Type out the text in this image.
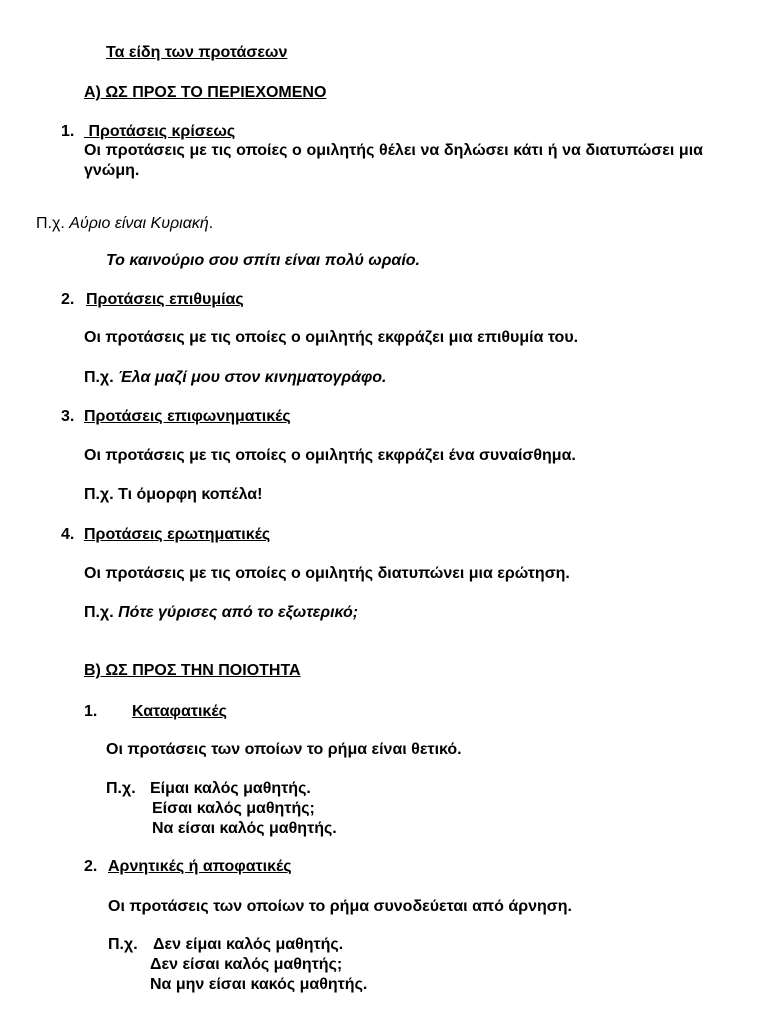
Τα είδη των προτάσεων
Α) ΩΣ ΠΡΟΣ ΤΟ ΠΕΡΙΕΧΟΜΕΝΟ
1. Προτάσεις κρίσεως
Οι προτάσεις με τις οποίες ο ομιλητής θέλει να δηλώσει κάτι ή να διατυπώσει μια γνώμη.
Π.χ. Αύριο είναι Κυριακή.
Το καινούριο σου σπίτι είναι πολύ ωραίο.
2. Προτάσεις επιθυμίας
Οι προτάσεις με τις οποίες ο ομιλητής εκφράζει μια επιθυμία του.
Π.χ. Έλα μαζί μου στον κινηματογράφο.
3. Προτάσεις επιφωνηματικές
Οι προτάσεις με τις οποίες ο ομιλητής εκφράζει ένα συναίσθημα.
Π.χ. Τι όμορφη κοπέλα!
4. Προτάσεις ερωτηματικές
Οι προτάσεις με τις οποίες ο ομιλητής διατυπώνει μια ερώτηση.
Π.χ. Πότε γύρισες από το εξωτερικό;
Β) ΩΣ ΠΡΟΣ ΤΗΝ ΠΟΙΟΤΗΤΑ
1. Καταφατικές
Οι προτάσεις των οποίων το ρήμα είναι θετικό.
Π.χ. Είμαι καλός μαθητής.
Είσαι καλός μαθητής;
Να είσαι καλός μαθητής.
2. Αρνητικές ή αποφατικές
Οι προτάσεις των οποίων το ρήμα συνοδεύεται από άρνηση.
Π.χ. Δεν είμαι καλός μαθητής.
Δεν είσαι καλός μαθητής;
Να μην είσαι κακός μαθητής.
